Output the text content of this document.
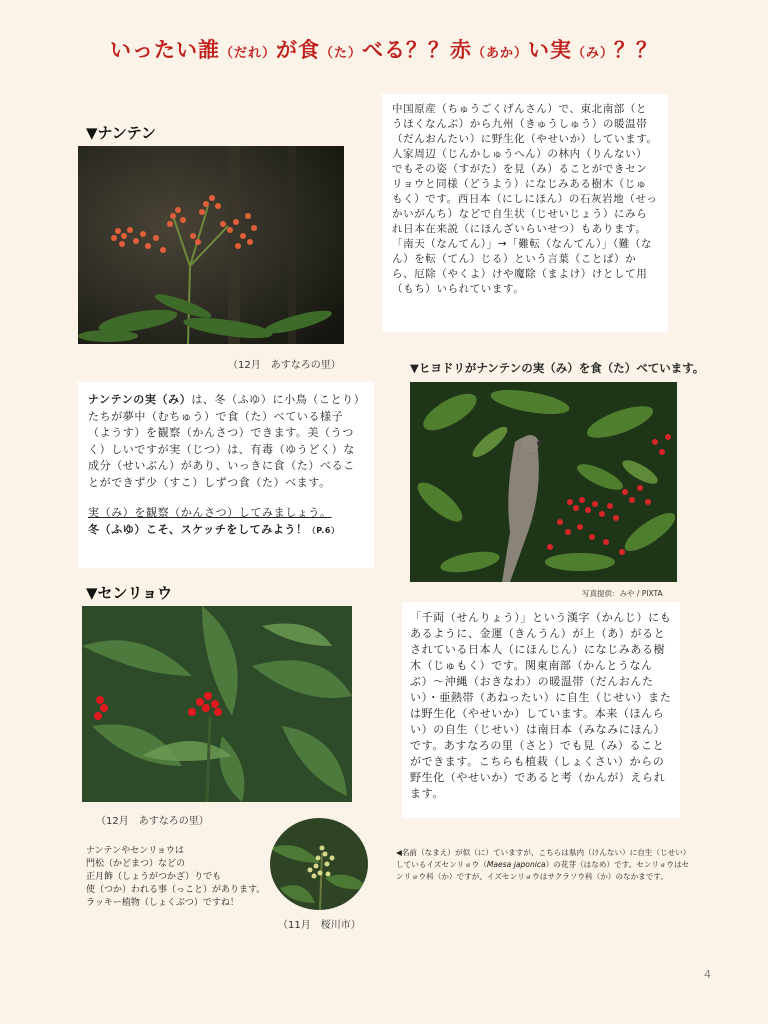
いったい誰（だれ）が食（た）べる？？赤（あか）い実（み）？？
▼ナンテン
（12月　あすなろの里）
中国原産（ちゅうごくげんさん）で、東北南部（とうほくなんぶ）から九州（きゅうしゅう）の暖温帯（だんおんたい）に野生化（やせいか）しています。人家周辺（じんかしゅうへん）の林内（りんない）でもその姿（すがた）を見（み）ることができセンリョウと同様（どうよう）になじみある樹木（じゅもく）です。西日本（にしにほん）の石灰岩地（せっかいがんち）などで自生状（じせいじょう）にみられ日本在来説（にほんざいらいせつ）もあります。「南天（なんてん）」→「難転（なんてん）」（難（なん）を転（てん）じる）という言葉（ことば）から、厄除（やくよ）けや魔除（まよけ）けとして用（もち）いられています。
ナンテンの実（み）は、冬（ふゆ）に小鳥（ことり）たちが夢中（むちゅう）で食（た）べている様子（ようす）を観察（かんさつ）できます。美（うつく）しいですが実（じつ）は、有毒（ゆうどく）な成分（せいぶん）があり、いっきに食（た）べることができず少（すこ）しずつ食（た）べます。
実（み）を観察（かんさつ）してみましょう。
冬（ふゆ）こそ、スケッチをしてみよう！（P.6）
▼ヒヨドリがナンテンの実（み）を食（た）べています。
写真提供：みや / PIXTA
▼センリョウ
（12月　あすなろの里）
「千両（せんりょう）」という漢字（かんじ）にもあるように、金運（きんうん）が上（あ）がるとされている日本人（にほんじん）になじみある樹木（じゅもく）です。関東南部（かんとうなんぶ）〜沖縄（おきなわ）の暖温帯（だんおんたい）・亜熱帯（あねったい）に自生（じせい）または野生化（やせいか）しています。本来（ほんらい）の自生（じせい）は南日本（みなみにほん）です。あすなろの里（さと）でも見（み）ることができます。こちらも植栽（しょくさい）からの野生化（やせいか）であると考（かんが）えられます。
ナンテンやセンリョウは
門松（かどまつ）などの
正月飾（しょうがつかざ）りでも
使（つか）われる事（っこと）があります。
ラッキー植物（しょくぶつ）ですね！
（11月　桜川市）
◀名前（なまえ）が似（に）ていますが、こちらは県内（けんない）に自生（じせい）しているイズセンリョウ（Maesa japonica）の花芽（はなめ）です。センリョウはセンリョウ科（か）ですが、イズセンリョウはサクラソウ科（か）のなかまです。
4
